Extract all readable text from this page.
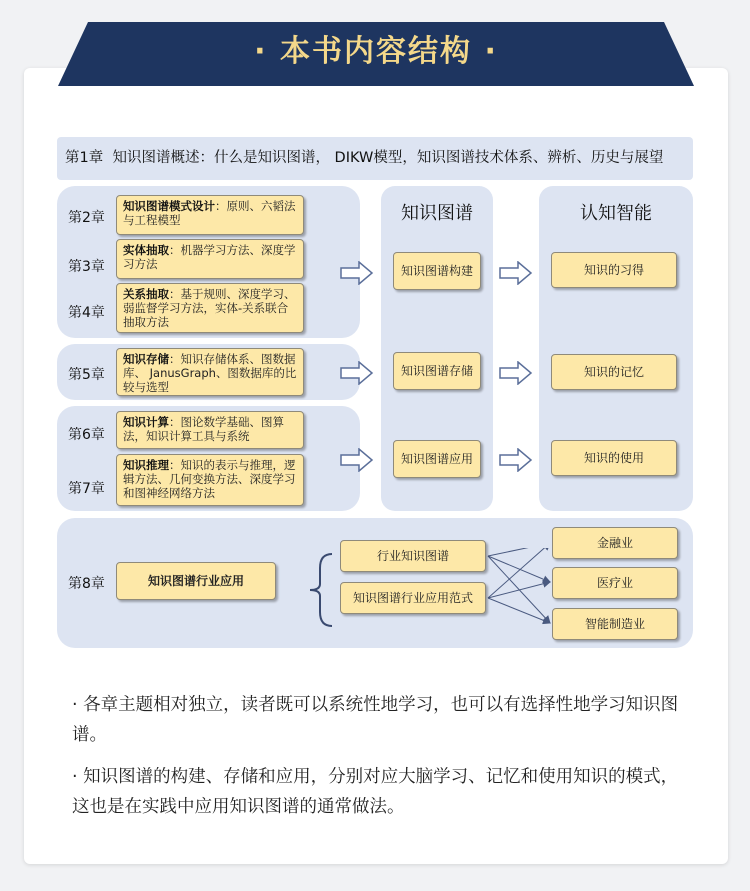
· 本书内容结构 ·
第1章 知识图谱概述：什么是知识图谱， DIKW模型，知识图谱技术体系、辨析、历史与展望
第2章
知识图谱模式设计：原则、六韬法与工程模型
第3章
实体抽取：机器学习方法、深度学习方法
第4章
关系抽取：基于规则、深度学习、弱监督学习方法，实体-关系联合抽取方法
第5章
知识存储：知识存储体系、图数据库、 JanusGraph、图数据库的比较与选型
第6章
知识计算：图论数学基础、图算法，知识计算工具与系统
第7章
知识推理：知识的表示与推理，逻辑方法、几何变换方法、深度学习和图神经网络方法
知识图谱
知识图谱构建
知识图谱存储
知识图谱应用
认知智能
知识的习得
知识的记忆
知识的使用
第8章	知识图谱行业应用
行业知识图谱
知识图谱行业应用范式
金融业
医疗业
智能制造业
· 各章主题相对独立，读者既可以系统性地学习，也可以有选择性地学习知识图谱。
· 知识图谱的构建、存储和应用，分别对应大脑学习、记忆和使用知识的模式，这也是在实践中应用知识图谱的通常做法。
